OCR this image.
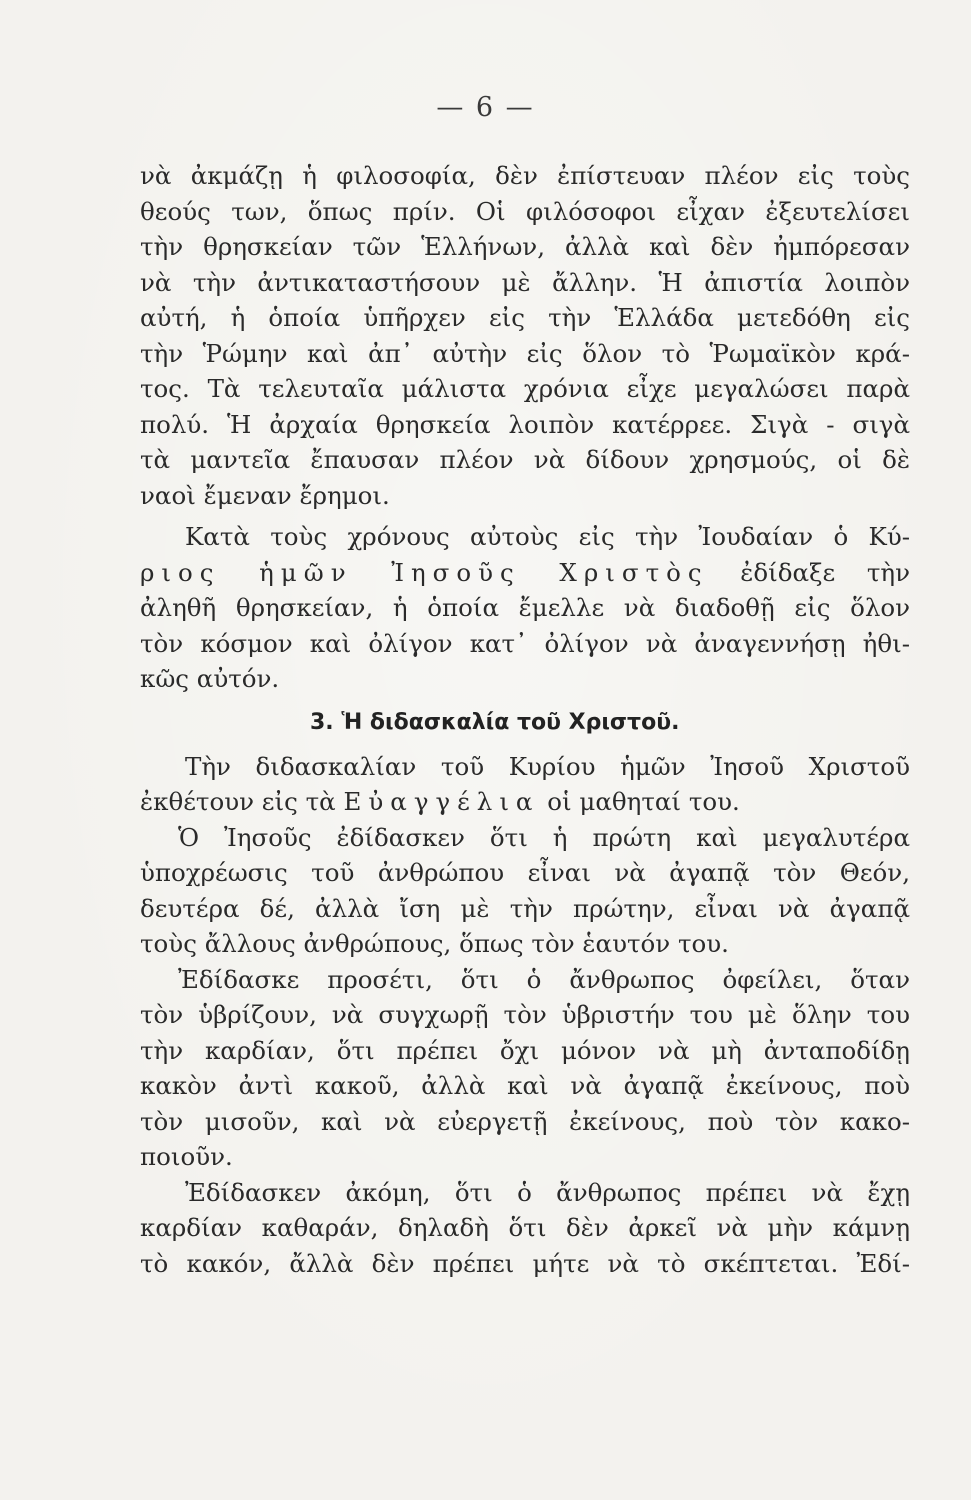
— 6 —
νὰ ἀκμάζῃ ἡ φιλοσοφία, δὲν ἐπίστευαν πλέον εἰς τοὺς
θεούς των, ὅπως πρίν. Οἱ φιλόσοφοι εἶχαν ἐξευτελίσει
τὴν θρησκείαν τῶν Ἑλλήνων, ἀλλὰ καὶ δὲν ἠμπόρεσαν
νὰ τὴν ἀντικαταστήσουν μὲ ἄλλην. Ἡ ἀπιστία λοιπὸν
αὐτή, ἡ ὁποία ὑπῆρχεν εἰς τὴν Ἑλλάδα μετεδόθη εἰς
τὴν Ῥώμην καὶ ἀπ᾽ αὐτὴν εἰς ὅλον τὸ Ῥωμαϊκὸν κρά-
τος. Τὰ τελευταῖα μάλιστα χρόνια εἶχε μεγαλώσει παρὰ
πολύ. Ἡ ἀρχαία θρησκεία λοιπὸν κατέρρεε. Σιγὰ - σιγὰ
τὰ μαντεῖα ἔπαυσαν πλέον νὰ δίδουν χρησμούς, οἱ δὲ
ναοὶ ἔμεναν ἔρημοι.
Κατὰ τοὺς χρόνους αὐτοὺς εἰς τὴν Ἰουδαίαν ὁ Κύ-
ριος ἡμῶν Ἰησοῦς Χριστὸς ἐδίδαξε τὴν
ἀληθῆ θρησκείαν, ἡ ὁποία ἔμελλε νὰ διαδοθῇ εἰς ὅλον
τὸν κόσμον καὶ ὀλίγον κατ᾽ ὀλίγον νὰ ἀναγεννήσῃ ἠθι-
κῶς αὐτόν.
3. Ἡ διδασκαλία τοῦ Χριστοῦ.
Τὴν διδασκαλίαν τοῦ Κυρίου ἡμῶν Ἰησοῦ Χριστοῦ
ἐκθέτουν εἰς τὰ Εὐαγγέλια οἱ μαθηταί του.
Ὁ Ἰησοῦς ἐδίδασκεν ὅτι ἡ πρώτη καὶ μεγαλυτέρα
ὑποχρέωσις τοῦ ἀνθρώπου εἶναι νὰ ἀγαπᾷ τὸν Θεόν,
δευτέρα δέ, ἀλλὰ ἴση μὲ τὴν πρώτην, εἶναι νὰ ἀγαπᾷ
τοὺς ἄλλους ἀνθρώπους, ὅπως τὸν ἑαυτόν του.
Ἐδίδασκε προσέτι, ὅτι ὁ ἄνθρωπος ὀφείλει, ὅταν
τὸν ὑβρίζουν, νὰ συγχωρῇ τὸν ὑβριστήν του μὲ ὅλην του
τὴν καρδίαν, ὅτι πρέπει ὄχι μόνον νὰ μὴ ἀνταποδίδῃ
κακὸν ἀντὶ κακοῦ, ἀλλὰ καὶ νὰ ἀγαπᾷ ἐκείνους, ποὺ
τὸν μισοῦν, καὶ νὰ εὐεργετῇ ἐκείνους, ποὺ τὸν κακο-
ποιοῦν.
Ἐδίδασκεν ἀκόμη, ὅτι ὁ ἄνθρωπος πρέπει νὰ ἔχῃ
καρδίαν καθαράν, δηλαδὴ ὅτι δὲν ἀρκεῖ νὰ μὴν κάμνῃ
τὸ κακόν, ἄλλὰ δὲν πρέπει μήτε νὰ τὸ σκέπτεται. Ἐδί-
